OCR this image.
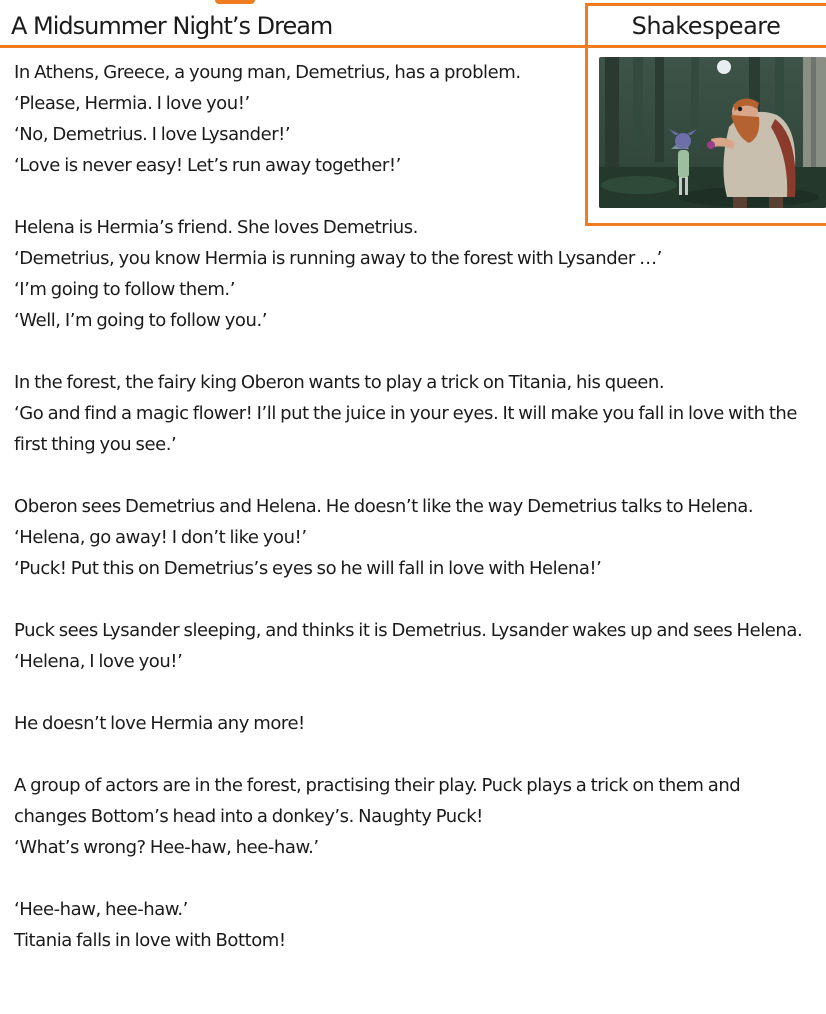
A Midsummer Night’s Dream	Shakespeare

In Athens, Greece, a young man, Demetrius, has a problem.

‘Please, Hermia. I love you!’

‘No, Demetrius. I love Lysander!’

‘Love is never easy! Let’s run away together!’

Helena is Hermia’s friend. She loves Demetrius.

‘Demetrius, you know Hermia is running away to the forest with Lysander …’

‘I’m going to follow them.’

‘Well, I’m going to follow you.’

In the forest, the fairy king Oberon wants to play a trick on Titania, his queen.

‘Go and find a magic flower! I’ll put the juice in your eyes. It will make you fall in love with the first thing you see.’

Oberon sees Demetrius and Helena. He doesn’t like the way Demetrius talks to Helena.

‘Helena, go away! I don’t like you!’

‘Puck! Put this on Demetrius’s eyes so he will fall in love with Helena!’

Puck sees Lysander sleeping, and thinks it is Demetrius. Lysander wakes up and sees Helena.

‘Helena, I love you!’

He doesn’t love Hermia any more!

A group of actors are in the forest, practising their play. Puck plays a trick on them and changes Bottom’s head into a donkey’s. Naughty Puck!

‘What’s wrong? Hee-haw, hee-haw.’

‘Hee-haw, hee-haw.’

Titania falls in love with Bottom!
